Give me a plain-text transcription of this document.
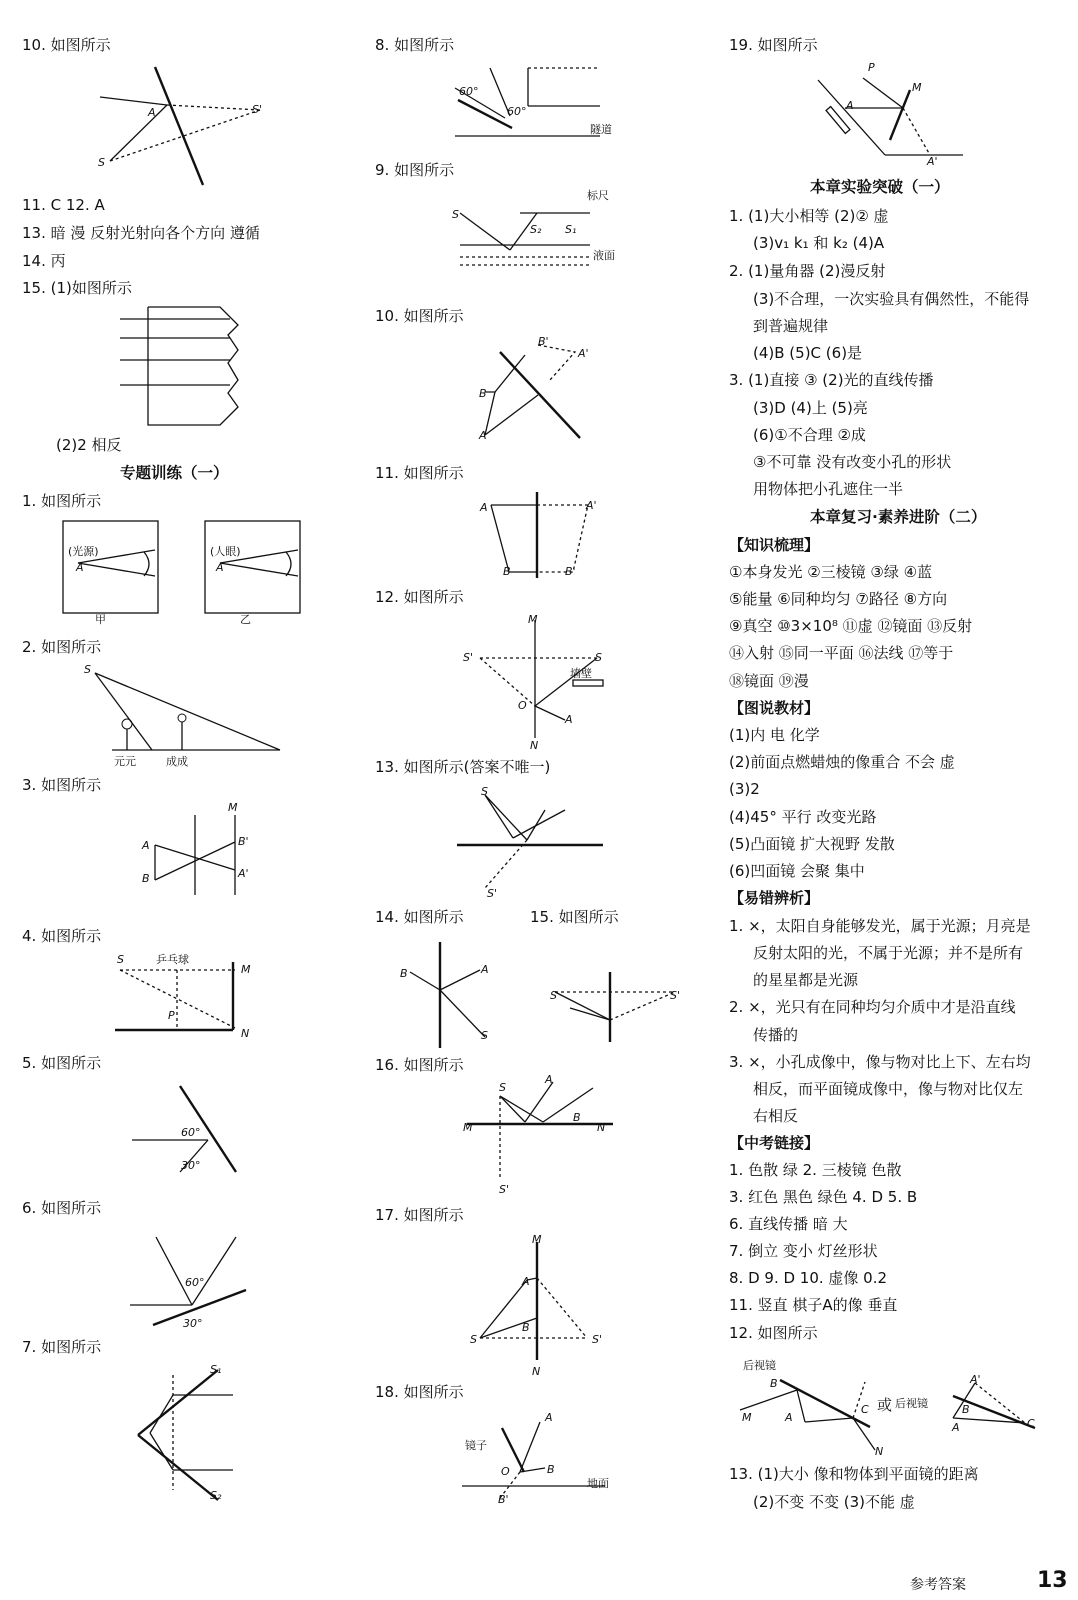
10. 如图所示
A	S'
S
11. C 12. A
13. 暗 漫 反射光射向各个方向 遵循
14. 丙
15. (1)如图所示
(2)2 相反
专题训练（一）
1. 如图所示
(光源)	(人眼)
A	A
甲	乙
2. 如图所示
S
元元	成成
3. 如图所示
M
A	B'
B	A'
4. 如图所示
S	乒乓球
M
P
N
5. 如图所示
60°
30°
6. 如图所示
60°
30°
7. 如图所示
S₁
S₂
8. 如图所示
60°
60°
隧道
9. 如图所示
S
S₂ S₁
标尺
液面
10. 如图所示
B'
A'
B
A
11. 如图所示
A	A'
B	B'
12. 如图所示
M
S'	S
墙壁
O
A
N
13. 如图所示(答案不唯一)
S
S'
14. 如图所示	15. 如图所示
B	A
S
S	S'
16. 如图所示
S
A
B
M	N
S'
17. 如图所示
M
A
B
S	S'
N
18. 如图所示
A
镜子
O	B
地面
B'
19. 如图所示
P
M
A
A'
本章实验突破（一）
1. (1)大小相等 (2)② 虚
(3)v₁ k₁ 和 k₂ (4)A
2. (1)量角器 (2)漫反射
(3)不合理，一次实验具有偶然性，不能得
到普遍规律
(4)B (5)C (6)是
3. (1)直接 ③ (2)光的直线传播
(3)D (4)上 (5)亮
(6)①不合理 ②成
③不可靠 没有改变小孔的形状
用物体把小孔遮住一半
本章复习·素养进阶（二）
【知识梳理】
①本身发光 ②三棱镜 ③绿 ④蓝
⑤能量 ⑥同种均匀 ⑦路径 ⑧方向
⑨真空 ⑩3×10⁸ ⑪虚 ⑫镜面 ⑬反射
⑭入射 ⑮同一平面 ⑯法线 ⑰等于
⑱镜面 ⑲漫
【图说教材】
(1)内 电 化学
(2)前面点燃蜡烛的像重合 不会 虚
(3)2
(4)45° 平行 改变光路
(5)凸面镜 扩大视野 发散
(6)凹面镜 会聚 集中
【易错辨析】
1. ×，太阳自身能够发光，属于光源；月亮是
反射太阳的光，不属于光源；并不是所有
的星星都是光源
2. ×，光只有在同种均匀介质中才是沿直线
传播的
3. ×，小孔成像中，像与物对比上下、左右均
相反，而平面镜成像中，像与物对比仅左
右相反
【中考链接】
1. 色散 绿 2. 三棱镜 色散
3. 红色 黑色 绿色 4. D 5. B
6. 直线传播 暗 大
7. 倒立 变小 灯丝形状
8. D 9. D 10. 虚像 0.2
11. 竖直 棋子A的像 垂直
12. 如图所示
后视镜
B
A
M
C
N
或 后视镜
A'
B
A	C
13. (1)大小 像和物体到平面镜的距离
(2)不变 不变 (3)不能 虚
参考答案	13
